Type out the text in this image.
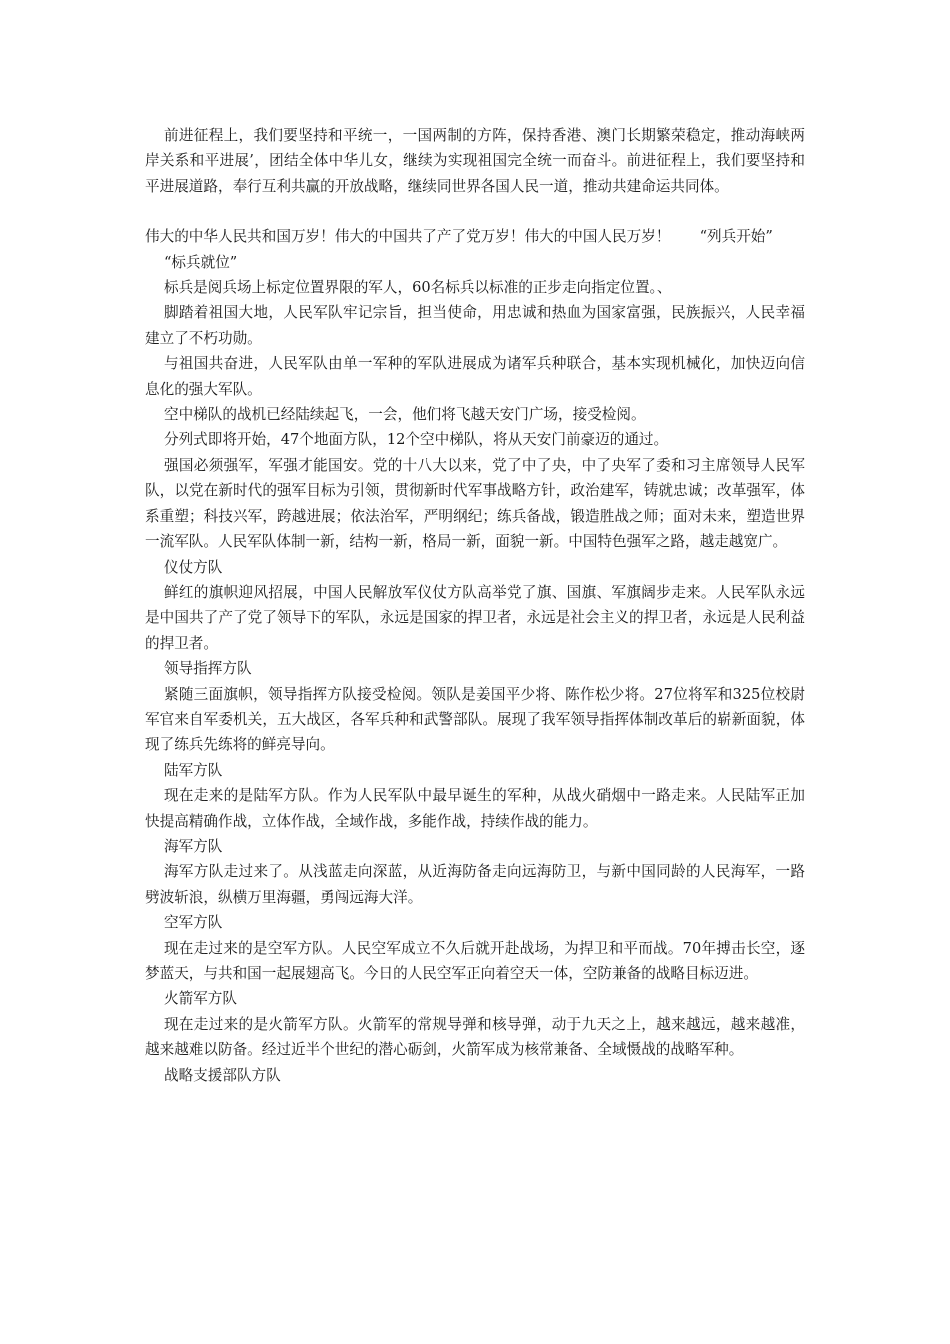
前进征程上，我们要坚持和平统一，一国两制的方阵，保持香港、澳门长期繁荣稳定，推动海峡两岸关系和平进展’，团结全体中华儿女，继续为实现祖国完全统一而奋斗。前进征程上，我们要坚持和平进展道路，奉行互利共赢的开放战略，继续同世界各国人民一道，推动共建命运共同体。

伟大的中华人民共和国万岁！伟大的中国共了产了党万岁！伟大的中国人民万岁！　　“列兵开始”

“标兵就位”

标兵是阅兵场上标定位置界限的军人，60名标兵以标准的正步走向指定位置。、

脚踏着祖国大地，人民军队牢记宗旨，担当使命，用忠诚和热血为国家富强，民族振兴，人民幸福建立了不朽功勋。

与祖国共奋进，人民军队由单一军种的军队进展成为诸军兵种联合，基本实现机械化，加快迈向信息化的强大军队。

空中梯队的战机已经陆续起飞，一会，他们将飞越天安门广场，接受检阅。

分列式即将开始，47个地面方队，12个空中梯队，将从天安门前豪迈的通过。

强国必须强军，军强才能国安。党的十八大以来，党了中了央，中了央军了委和习主席领导人民军队，以党在新时代的强军目标为引领，贯彻新时代军事战略方针，政治建军，铸就忠诚；改革强军，体系重塑；科技兴军，跨越进展；依法治军，严明纲纪；练兵备战，锻造胜战之师；面对未来，塑造世界一流军队。人民军队体制一新，结构一新，格局一新，面貌一新。中国特色强军之路，越走越宽广。

仪仗方队

鲜红的旗帜迎风招展，中国人民解放军仪仗方队高举党了旗、国旗、军旗阔步走来。人民军队永远是中国共了产了党了领导下的军队，永远是国家的捍卫者，永远是社会主义的捍卫者，永远是人民利益的捍卫者。

领导指挥方队

紧随三面旗帜，领导指挥方队接受检阅。领队是姜国平少将、陈作松少将。27位将军和325位校尉军官来自军委机关，五大战区，各军兵种和武警部队。展现了我军领导指挥体制改革后的崭新面貌，体现了练兵先练将的鲜亮导向。

陆军方队

现在走来的是陆军方队。作为人民军队中最早诞生的军种，从战火硝烟中一路走来。人民陆军正加快提高精确作战，立体作战，全域作战，多能作战，持续作战的能力。

海军方队

海军方队走过来了。从浅蓝走向深蓝，从近海防备走向远海防卫，与新中国同龄的人民海军，一路劈波斩浪，纵横万里海疆，勇闯远海大洋。

空军方队

现在走过来的是空军方队。人民空军成立不久后就开赴战场，为捍卫和平而战。70年搏击长空，逐梦蓝天，与共和国一起展翅高飞。今日的人民空军正向着空天一体，空防兼备的战略目标迈进。

火箭军方队

现在走过来的是火箭军方队。火箭军的常规导弹和核导弹，动于九天之上，越来越远，越来越准，越来越难以防备。经过近半个世纪的潜心砺剑，火箭军成为核常兼备、全域慑战的战略军种。

战略支援部队方队
